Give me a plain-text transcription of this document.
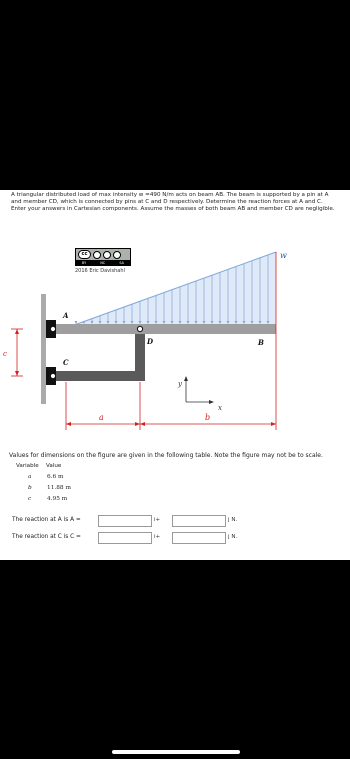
A triangular distributed load of max intensity w =490 N/m acts on beam AB. The beam is supported by a pin at A and member CD, which is connected by pins at C and D respectively. Determine the reaction forces at A and C. Enter your answers in Cartesian components. Assume the masses of both beam AB and member CD are negligible.

cc
BY	NC	SA
2016 Eric Davishahl
w
A
B
C
D
c
a	b
x
y
Values for dimensions on the figure are given in the following table. Note the figure may not be to scale.
Variable Value
a	6.6 m
b	11.88 m
c	4.95 m
The reaction at A is A =	i+	j N.
The reaction at C is C =	i+	j N.
